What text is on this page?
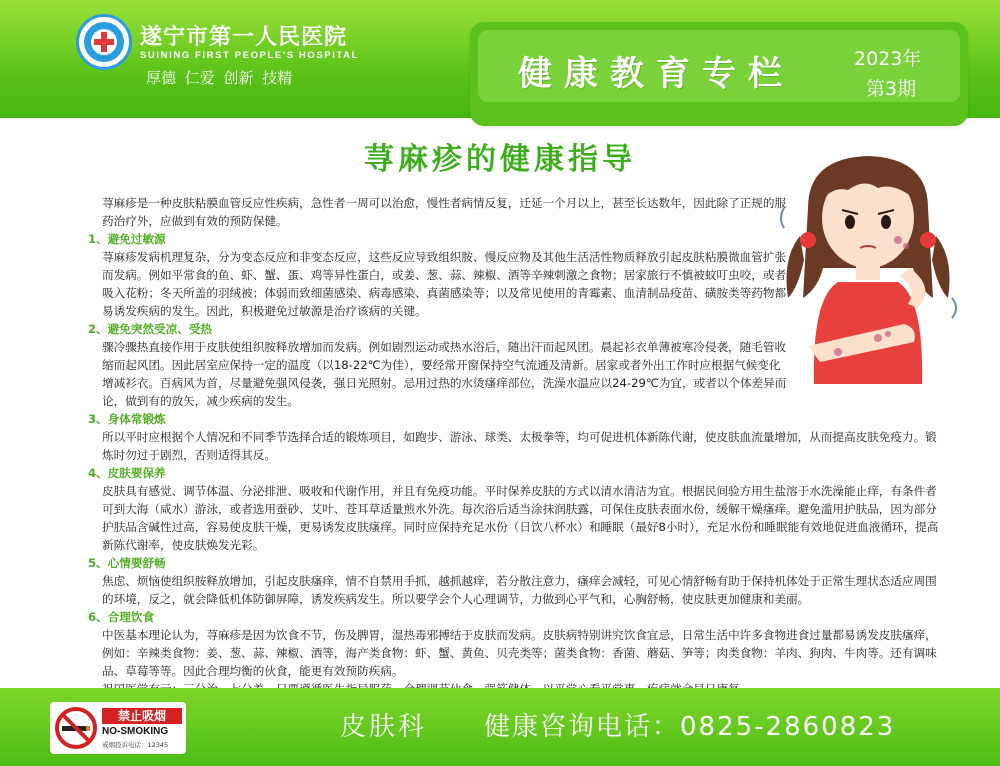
遂宁市第一人民医院
SUINING FIRST PEOPLE'S HOSPITAL
厚德 仁爱 创新 技精	健康教育专栏	2023年
第3期
荨麻疹的健康指导

荨麻疹是一种皮肤粘膜血管反应性疾病，急性者一周可以治愈，慢性者病情反复，迁延一个月以上，甚至长达数年，因此除了正规的服药治疗外，应做到有效的预防保健。

1、避免过敏源

荨麻疹发病机理复杂，分为变态反应和非变态反应，这些反应导致组织胺、慢反应物及其他生活活性物质释放引起皮肤粘膜微血管扩张而发病。例如平常食的鱼、虾、蟹、蛋、鸡等异性蛋白，或姜、葱、蒜、辣椒、酒等辛辣刺激之食物；居家旅行不慎被蚊叮虫咬，或者吸入花粉；冬天所盖的羽绒被；体弱而致细菌感染、病毒感染、真菌感染等；以及常见使用的青霉素、血清制品疫苗、磺胺类等药物都易诱发疾病的发生。因此，积极避免过敏源是治疗该病的关键。

2、避免突然受凉、受热

骤冷骤热直接作用于皮肤使组织胺释放增加而发病。例如剧烈运动或热水浴后，随出汗而起风团。晨起衫衣单薄被寒冷侵袭，随毛管收缩而起风团。因此居室应保持一定的温度（以18-22℃为佳），要经常开窗保持空气流通及清新。居家或者外出工作时应根据气候变化增减衫衣。百病风为首，尽量避免强风侵袭，强日光照射。忌用过热的水烫瘙痒部位，洗澡水温应以24-29℃为宜，或者以个体差异而论，做到有的放矢，减少疾病的发生。

3、身体常锻炼

所以平时应根据个人情况和不同季节选择合适的锻炼项目，如跑步、游泳、球类、太极拳等，均可促进机体新陈代谢，使皮肤血流量增加，从而提高皮肤免疫力。锻炼时勿过于剧烈，否则适得其反。

4、皮肤要保养

皮肤具有感觉、调节体温、分泌排泄、吸收和代谢作用，并且有免疫功能。平时保养皮肤的方式以清水清洁为宜。根据民间验方用生盐溶于水洗澡能止痒，有条件者可到大海（咸水）游泳，或者选用蚕砂、艾叶、苍耳草适量煎水外洗。每次浴后适当涂抹润肤露，可保住皮肤表面水份，缓解干燥瘙痒。避免滥用护肤品，因为部分护肤品含碱性过高，容易使皮肤干燥，更易诱发皮肤瘙痒。同时应保持充足水份（日饮八杯水）和睡眠（最好8小时），充足水份和睡眠能有效地促进血液循环，提高新陈代谢率，使皮肤焕发光彩。

5、心情要舒畅

焦虑、烦恼使组织胺释放增加，引起皮肤瘙痒，情不自禁用手抓，越抓越痒，若分散注意力，瘙痒会减轻，可见心情舒畅有助于保持机体处于正常生理状态适应周围的环境，反之，就会降低机体防御屏障，诱发疾病发生。所以要学会个人心理调节，力做到心平气和，心胸舒畅，使皮肤更加健康和美丽。

6、合理饮食

中医基本理论认为，荨麻疹是因为饮食不节，伤及脾胃，湿热毒邪搏结于皮肤而发病。皮肤病特别讲究饮食宜忌，日常生活中许多食物进食过量都易诱发皮肤瘙痒，例如：辛辣类食物：姜、葱、蒜、辣椒、酒等，海产类食物：虾、蟹、黄鱼、贝壳类等；菌类食物：香菌、蘑菇、笋等；肉类食物：羊肉、狗肉、牛肉等。还有调味品、草莓等等。因此合理均衡的伙食，能更有效预防疾病。

禁止吸烟
NO-SMOKING
戒烟投诉电话：12345
皮肤科 健康咨询电话：0825-2860823
